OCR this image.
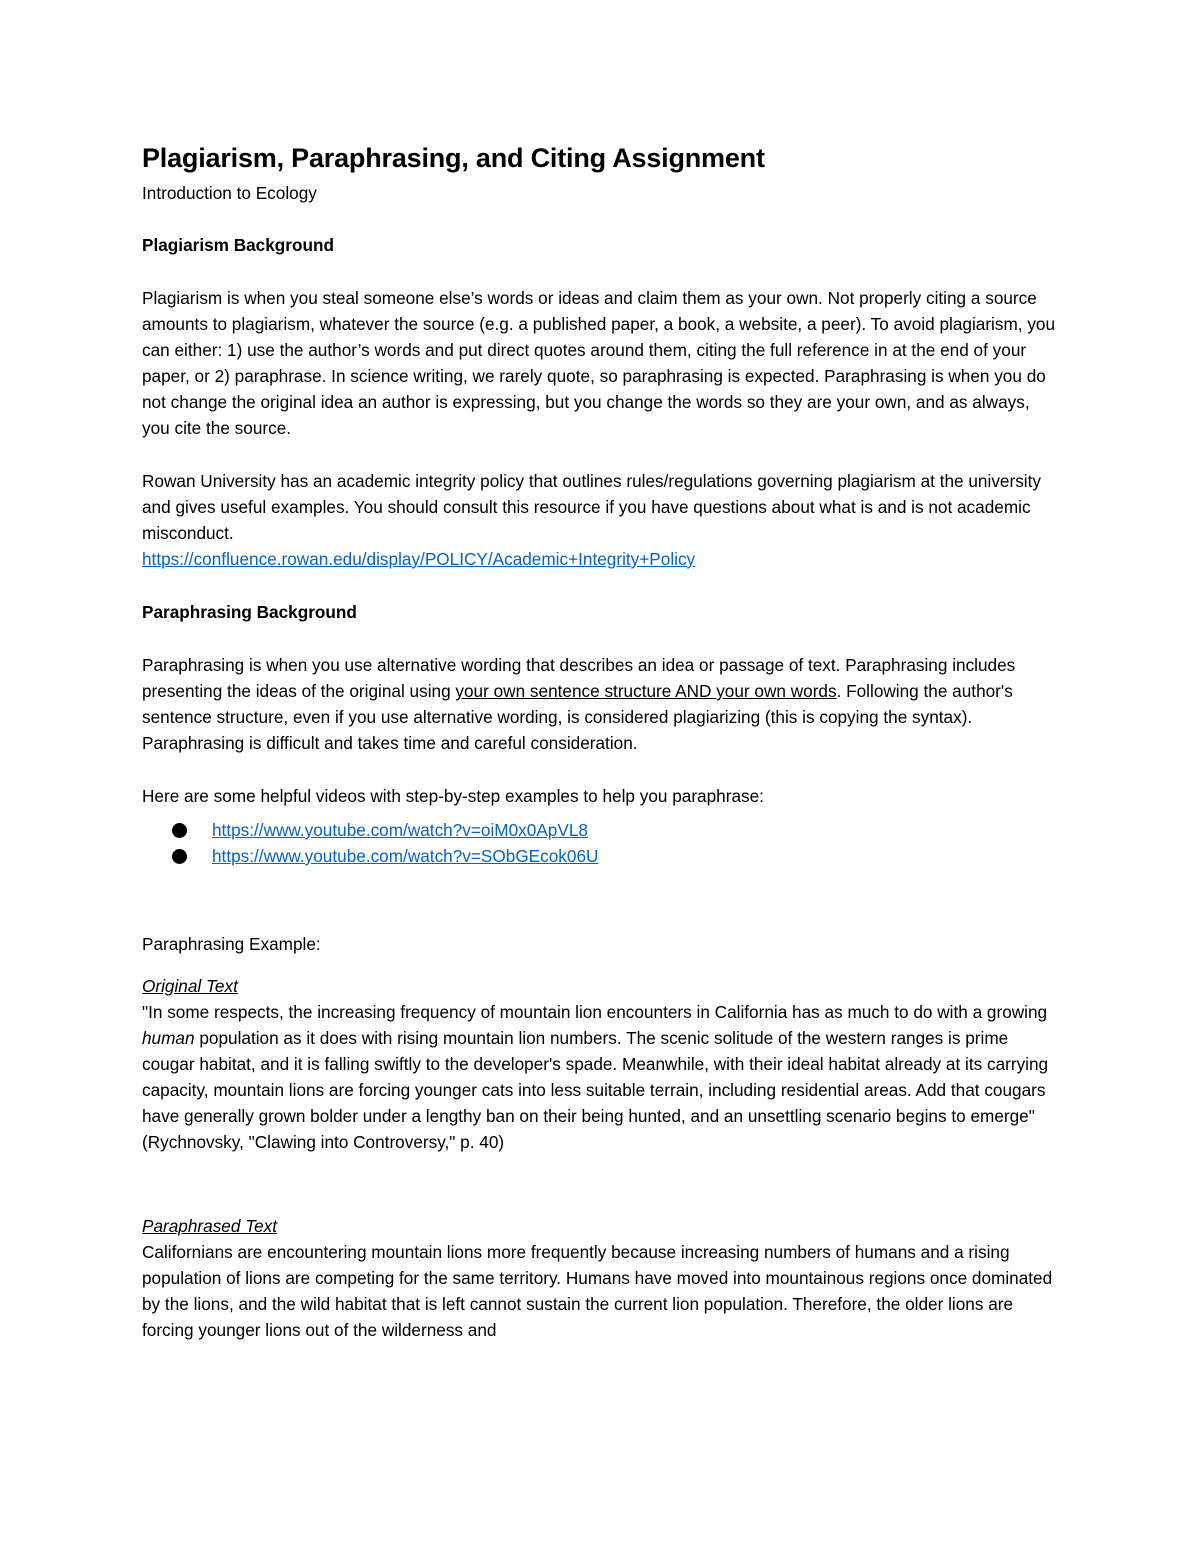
Plagiarism, Paraphrasing, and Citing Assignment

Introduction to Ecology

Plagiarism Background

Plagiarism is when you steal someone else’s words or ideas and claim them as your own. Not properly citing a source amounts to plagiarism, whatever the source (e.g. a published paper, a book, a website, a peer). To avoid plagiarism, you can either: 1) use the author’s words and put direct quotes around them, citing the full reference in at the end of your paper, or 2) paraphrase. In science writing, we rarely quote, so paraphrasing is expected. Paraphrasing is when you do not change the original idea an author is expressing, but you change the words so they are your own, and as always, you cite the source.

Rowan University has an academic integrity policy that outlines rules/regulations governing plagiarism at the university and gives useful examples. You should consult this resource if you have questions about what is and is not academic misconduct.
https://confluence.rowan.edu/display/POLICY/Academic+Integrity+Policy

Paraphrasing Background

Paraphrasing is when you use alternative wording that describes an idea or passage of text. Paraphrasing includes presenting the ideas of the original using your own sentence structure AND your own words. Following the author's sentence structure, even if you use alternative wording, is considered plagiarizing (this is copying the syntax). Paraphrasing is difficult and takes time and careful consideration.

Here are some helpful videos with step-by-step examples to help you paraphrase:

https://www.youtube.com/watch?v=oiM0x0ApVL8
https://www.youtube.com/watch?v=SObGEcok06U

Paraphrasing Example:

Original Text

"In some respects, the increasing frequency of mountain lion encounters in California has as much to do with a growing human population as it does with rising mountain lion numbers. The scenic solitude of the western ranges is prime cougar habitat, and it is falling swiftly to the developer's spade. Meanwhile, with their ideal habitat already at its carrying capacity, mountain lions are forcing younger cats into less suitable terrain, including residential areas. Add that cougars have generally grown bolder under a lengthy ban on their being hunted, and an unsettling scenario begins to emerge" (Rychnovsky, "Clawing into Controversy," p. 40)

Paraphrased Text

Californians are encountering mountain lions more frequently because increasing numbers of humans and a rising population of lions are competing for the same territory. Humans have moved into mountainous regions once dominated by the lions, and the wild habitat that is left cannot sustain the current lion population. Therefore, the older lions are forcing younger lions out of the wilderness and
